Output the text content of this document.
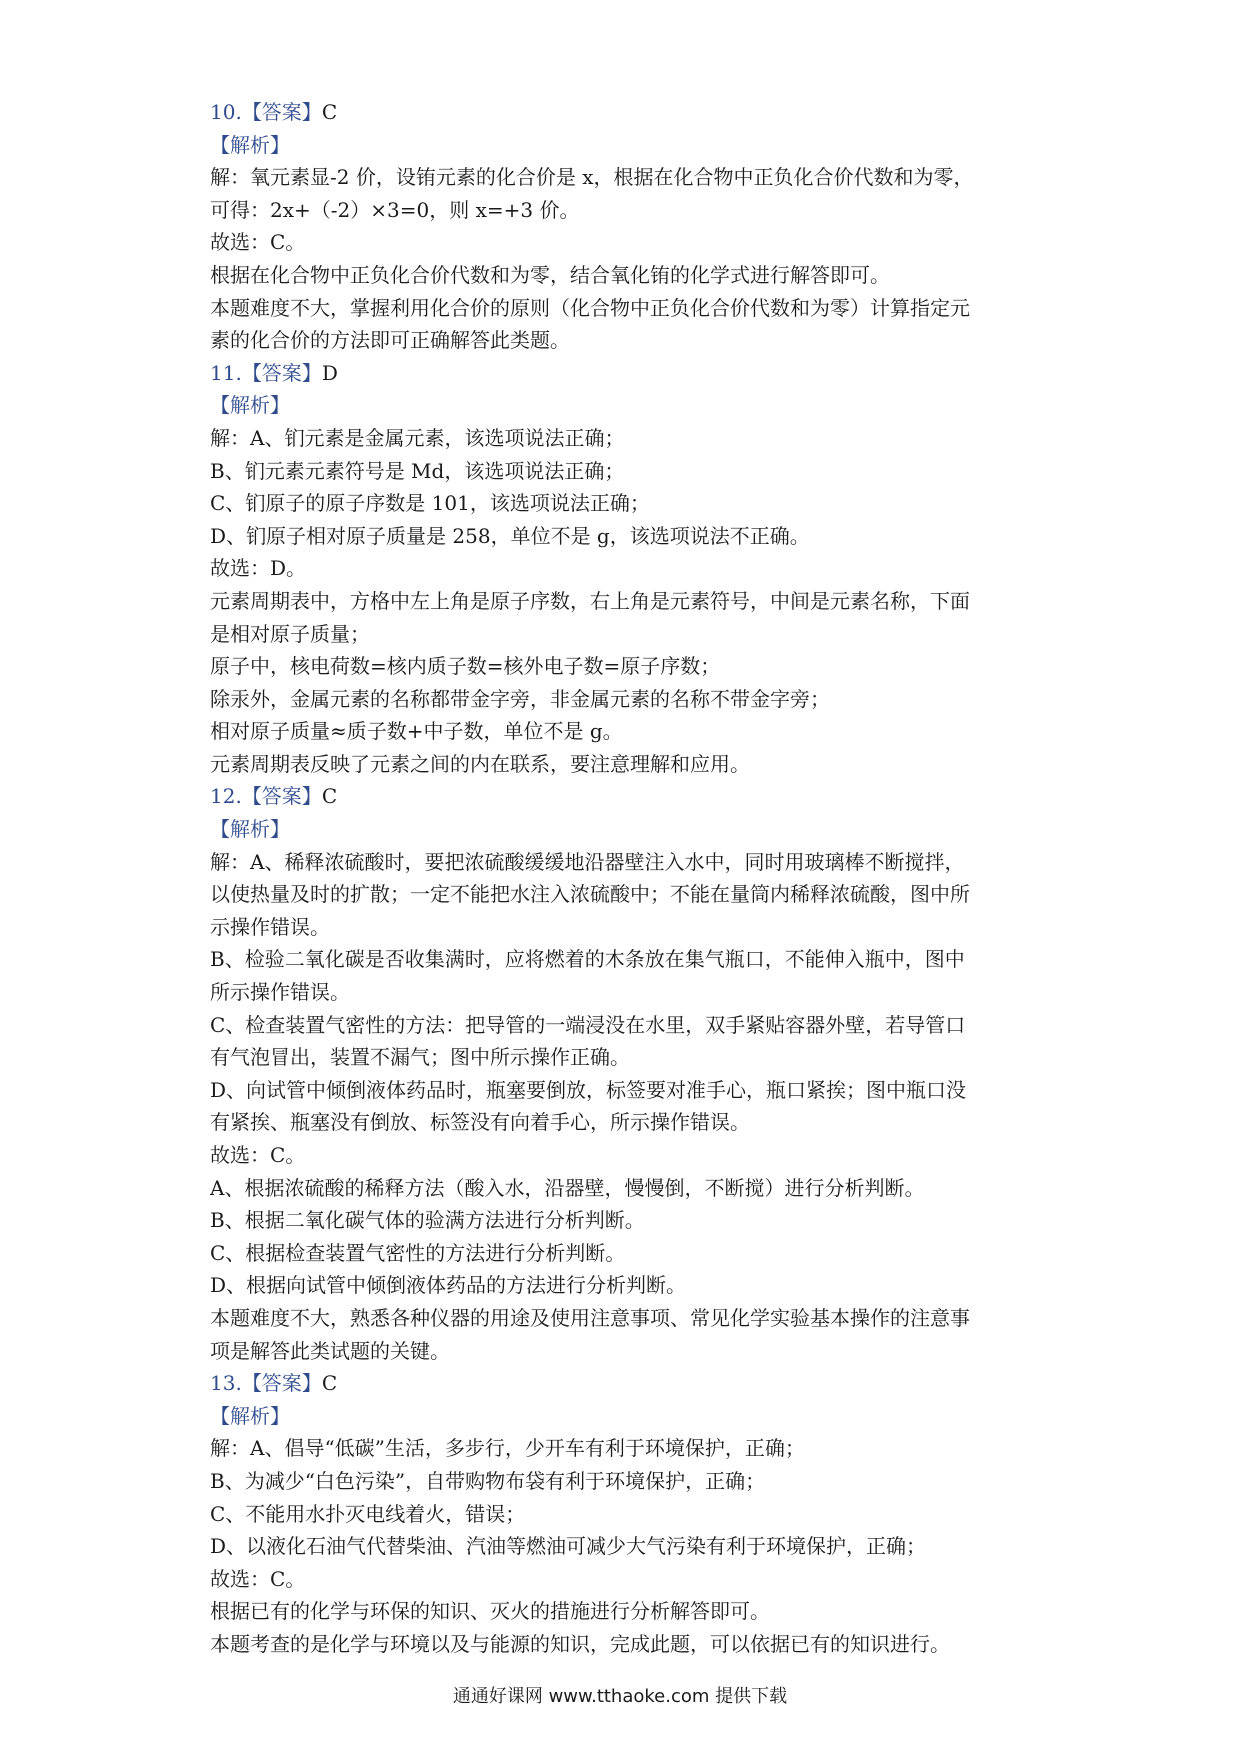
10.【答案】C
【解析】
解：氧元素显-2 价，设铕元素的化合价是 x，根据在化合物中正负化合价代数和为零，
可得：2x+（-2）×3=0，则 x=+3 价。
故选：C。
根据在化合物中正负化合价代数和为零，结合氧化铕的化学式进行解答即可。
本题难度不大，掌握利用化合价的原则（化合物中正负化合价代数和为零）计算指定元
素的化合价的方法即可正确解答此类题。
11.【答案】D
【解析】
解：A、钔元素是金属元素，该选项说法正确；
B、钔元素元素符号是 Md，该选项说法正确；
C、钔原子的原子序数是 101，该选项说法正确；
D、钔原子相对原子质量是 258，单位不是 g，该选项说法不正确。
故选：D。
元素周期表中，方格中左上角是原子序数，右上角是元素符号，中间是元素名称，下面
是相对原子质量；
原子中，核电荷数=核内质子数=核外电子数=原子序数；
除汞外，金属元素的名称都带金字旁，非金属元素的名称不带金字旁；
相对原子质量≈质子数+中子数，单位不是 g。
元素周期表反映了元素之间的内在联系，要注意理解和应用。
12.【答案】C
【解析】
解：A、稀释浓硫酸时，要把浓硫酸缓缓地沿器壁注入水中，同时用玻璃棒不断搅拌，
以使热量及时的扩散；一定不能把水注入浓硫酸中；不能在量筒内稀释浓硫酸，图中所
示操作错误。
B、检验二氧化碳是否收集满时，应将燃着的木条放在集气瓶口，不能伸入瓶中，图中
所示操作错误。
C、检查装置气密性的方法：把导管的一端浸没在水里，双手紧贴容器外壁，若导管口
有气泡冒出，装置不漏气；图中所示操作正确。
D、向试管中倾倒液体药品时，瓶塞要倒放，标签要对准手心，瓶口紧挨；图中瓶口没
有紧挨、瓶塞没有倒放、标签没有向着手心，所示操作错误。
故选：C。
A、根据浓硫酸的稀释方法（酸入水，沿器壁，慢慢倒，不断搅）进行分析判断。
B、根据二氧化碳气体的验满方法进行分析判断。
C、根据检查装置气密性的方法进行分析判断。
D、根据向试管中倾倒液体药品的方法进行分析判断。
本题难度不大，熟悉各种仪器的用途及使用注意事项、常见化学实验基本操作的注意事
项是解答此类试题的关键。
13.【答案】C
【解析】
解：A、倡导“低碳”生活，多步行，少开车有利于环境保护，正确；
B、为减少“白色污染”，自带购物布袋有利于环境保护，正确；
C、不能用水扑灭电线着火，错误；
D、以液化石油气代替柴油、汽油等燃油可减少大气污染有利于环境保护，正确；
故选：C。
根据已有的化学与环保的知识、灭火的措施进行分析解答即可。
本题考查的是化学与环境以及与能源的知识，完成此题，可以依据已有的知识进行。
通通好课网 www.tthaoke.com 提供下载
